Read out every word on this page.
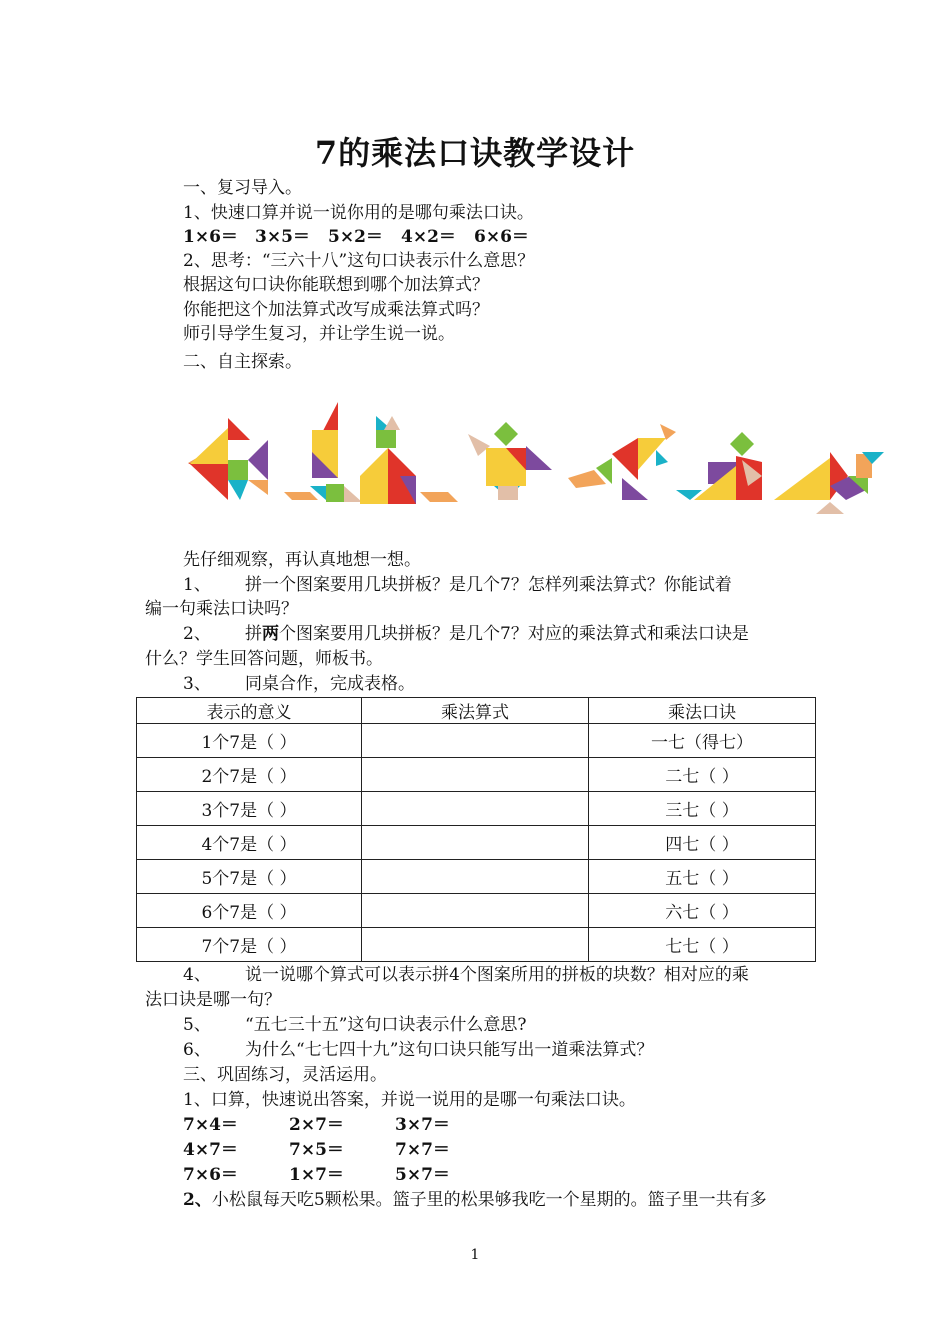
7的乘法口诀教学设计
一、复习导入。
1、快速口算并说一说你用的是哪句乘法口诀。
1×6＝ 3×5＝ 5×2＝ 4×2＝ 6×6＝
2、思考：“三六十八”这句口诀表示什么意思？
根据这句口诀你能联想到哪个加法算式？
你能把这个加法算式改写成乘法算式吗？
师引导学生复习，并让学生说一说。
二、自主探索。
先仔细观察，再认真地想一想。
1、 拼一个图案要用几块拼板？是几个7？怎样列乘法算式？你能试着
编一句乘法口诀吗？
2、 拼两个图案要用几块拼板？是几个7？对应的乘法算式和乘法口诀是
什么？学生回答问题，师板书。
3、 同桌合作，完成表格。
表示的意义	乘法算式	乘法口诀
1个7是（ ）		一七（得七）
2个7是（ ）		二七（ ）
3个7是（ ）		三七（ ）
4个7是（ ）		四七（ ）
5个7是（ ）		五七（ ）
6个7是（ ）		六七（ ）
7个7是（ ）		七七（ ）
4、 说一说哪个算式可以表示拼4个图案所用的拼板的块数？相对应的乘
法口诀是哪一句？
5、 “五七三十五”这句口诀表示什么意思?
6、 为什么“七七四十九”这句口诀只能写出一道乘法算式？
三、巩固练习，灵活运用。
1、口算，快速说出答案，并说一说用的是哪一句乘法口诀。
7×4＝	2×7＝	3×7＝
4×7＝	7×5＝	7×7＝
7×6＝	1×7＝	5×7＝
2、小松鼠每天吃5颗松果。篮子里的松果够我吃一个星期的。篮子里一共有多
1
